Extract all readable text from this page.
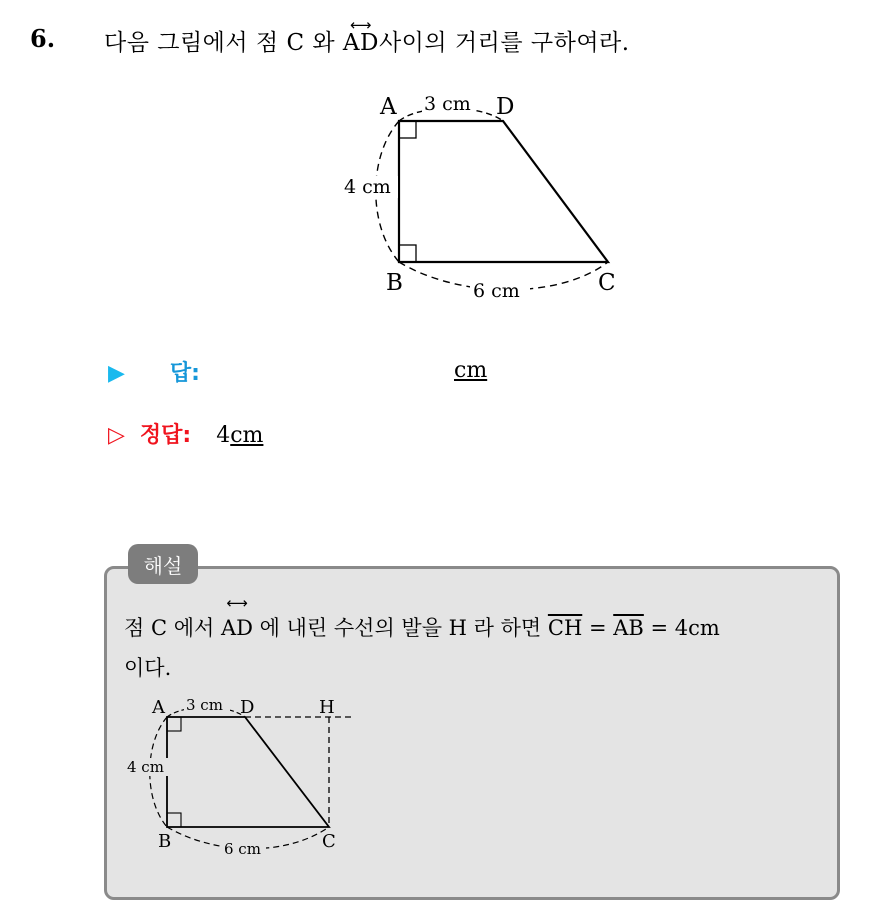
6. 다음 그림에서 점 C 와
⟷
AD사이의 거리를 구하여라.
A	D
B	C
3 cm
4 cm
6 cm
▶ 답:	cm
▷ 정답: 4cm
해설
점 C 에서
⟷
AD 에 내린 수선의 발을 H 라 하면 $\overline{CH} = \overline{AB} = 4cm$
이다.
A	D	H
B	C
3 cm
4 cm
6 cm
